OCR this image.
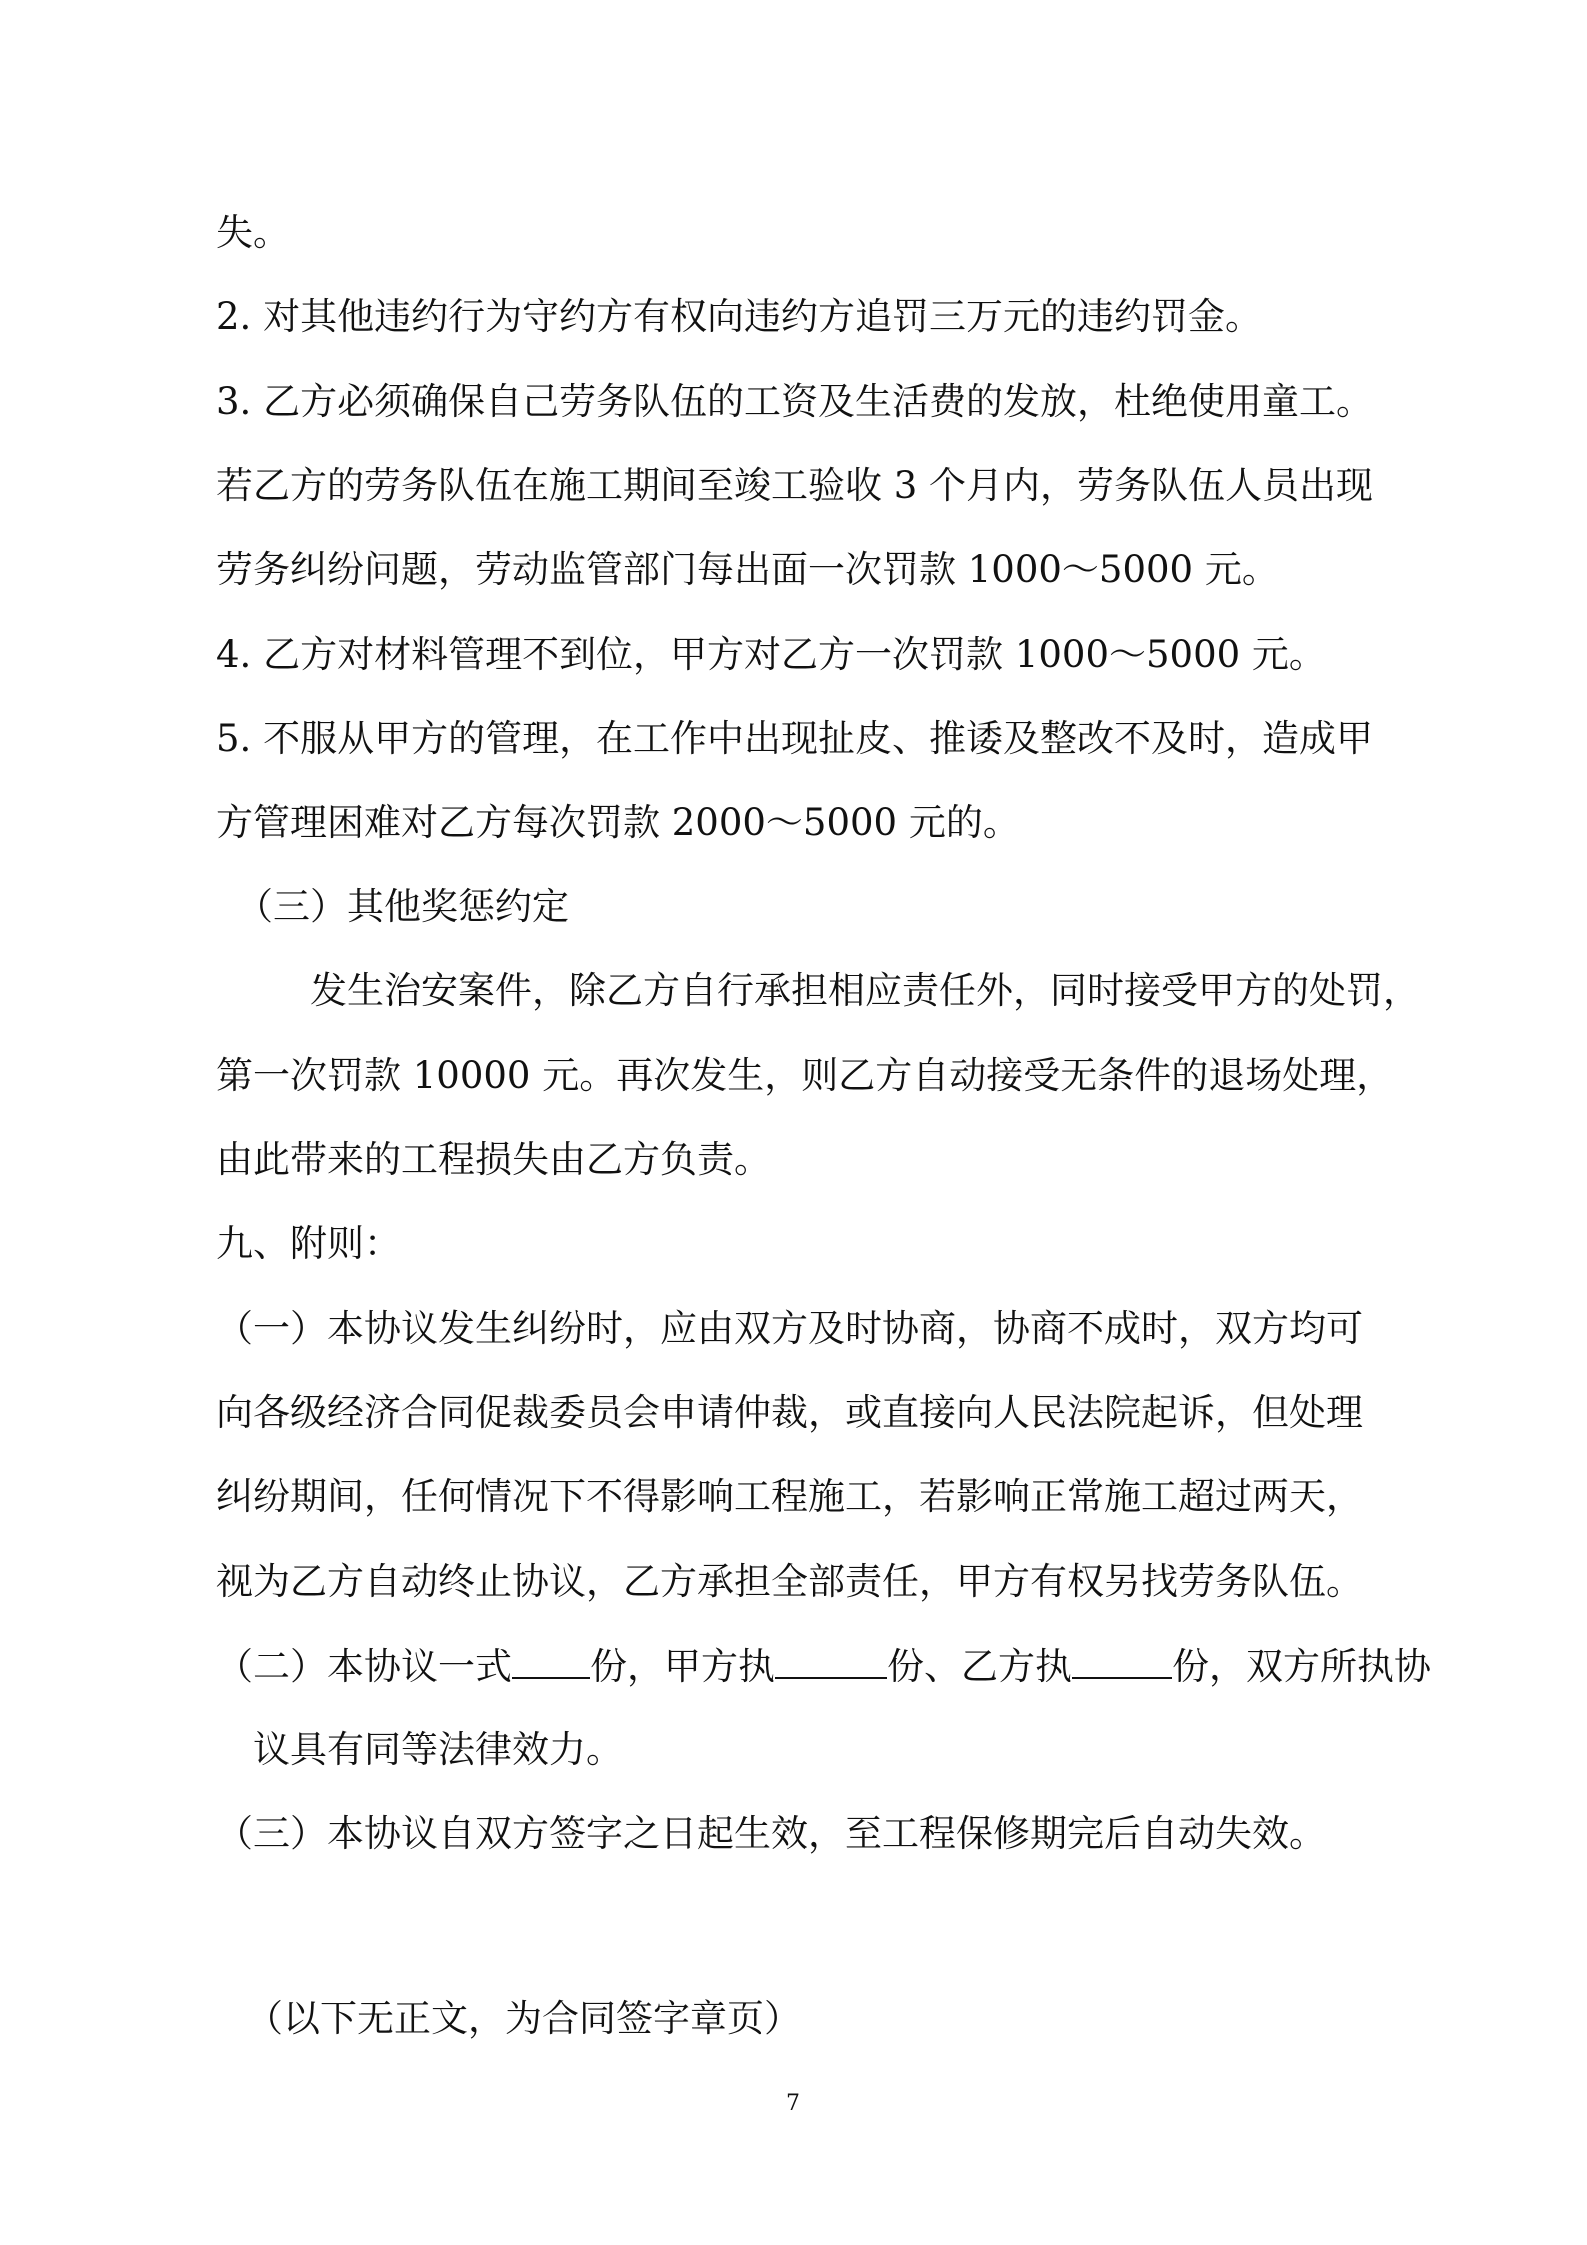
失。
2. 对其他违约行为守约方有权向违约方追罚三万元的违约罚金。
3. 乙方必须确保自己劳务队伍的工资及生活费的发放，杜绝使用童工。
若乙方的劳务队伍在施工期间至竣工验收 3 个月内，劳务队伍人员出现
劳务纠纷问题，劳动监管部门每出面一次罚款 1000～5000 元。
4. 乙方对材料管理不到位，甲方对乙方一次罚款 1000～5000 元。
5. 不服从甲方的管理，在工作中出现扯皮、推诿及整改不及时，造成甲
方管理困难对乙方每次罚款 2000～5000 元的。
（三）其他奖惩约定
发生治安案件，除乙方自行承担相应责任外，同时接受甲方的处罚，
第一次罚款 10000 元。再次发生，则乙方自动接受无条件的退场处理，
由此带来的工程损失由乙方负责。
九、附则：
（一）本协议发生纠纷时，应由双方及时协商，协商不成时，双方均可
向各级经济合同促裁委员会申请仲裁，或直接向人民法院起诉，但处理
纠纷期间，任何情况下不得影响工程施工，若影响正常施工超过两天，
视为乙方自动终止协议，乙方承担全部责任，甲方有权另找劳务队伍。
（二）本协议一式 份，甲方执	份、乙方执	份，双方所执协
议具有同等法律效力。
（三）本协议自双方签字之日起生效，至工程保修期完后自动失效。
（以下无正文，为合同签字章页）
7
